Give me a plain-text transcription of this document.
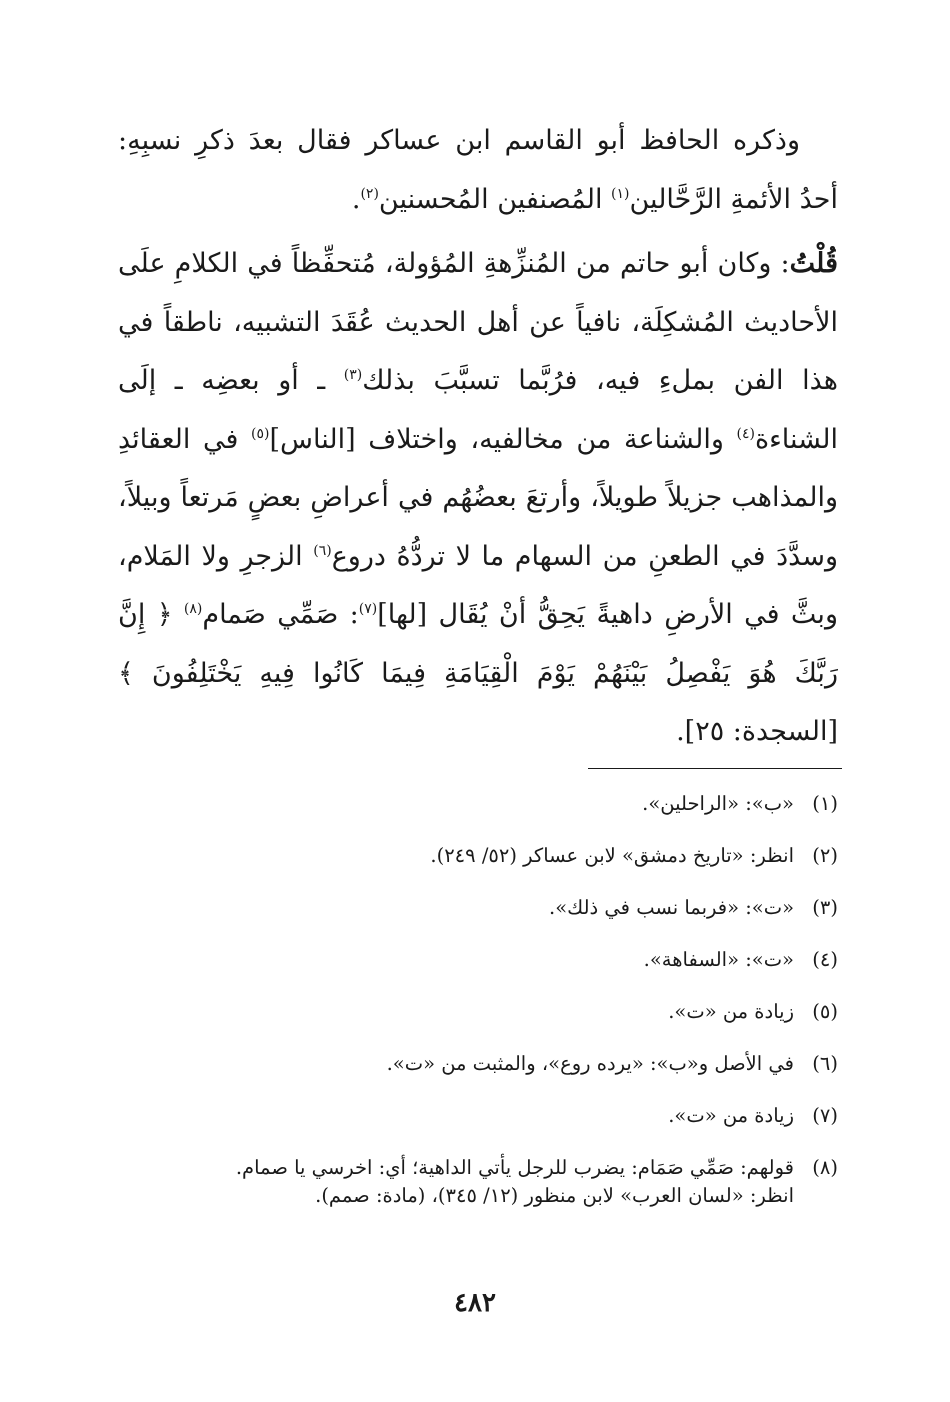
وذكره الحافظ أبو القاسم ابن عساكر فقال بعدَ ذكرِ نسبِهِ: أحدُ الأئمةِ الرَّحَّالين$^{(١)}$ المُصنفين المُحسنين$^{(٢)}$.

قُلْتُ: وكان أبو حاتم من المُنزِّهةِ المُؤولة، مُتحفِّظاً في الكلامِ علَى الأحاديث المُشكِلَة، نافياً عن أهل الحديث عُقَدَ التشبيه، ناطقاً في هذا الفن بملءِ فيه، فرُبَّما تسبَّبَ بذلك$^{(٣)}$ ـ أو بعضِه ـ إلَى الشناءة$^{(٤)}$ والشناعة من مخالفيه، واختلاف [الناس]$^{(٥)}$ في العقائدِ والمذاهب جزيلاً طويلاً، وأرتعَ بعضُهُم في أعراضِ بعضٍ مَرتعاً وبيلاً، وسدَّدَ في الطعنِ من السهام ما لا تردُّهُ دروع$^{(٦)}$ الزجرِ ولا المَلام، وبثَّ في الأرضِ داهيةً يَحِقُّ أنْ يُقَال [لها]$^{(٧)}$: صَمِّي صَمام$^{(٨)}$ ﴿ إِنَّ رَبَّكَ هُوَ يَفْصِلُ بَيْنَهُمْ يَوْمَ الْقِيَامَةِ فِيمَا كَانُوا فِيهِ يَخْتَلِفُونَ ﴾[السجدة: ٢٥].

(١)
«ب»: «الراحلين».
(٢)
انظر: «تاريخ دمشق» لابن عساكر (٥٢/ ٢٤٩).
(٣)
«ت»: «فربما نسب في ذلك».
(٤)
«ت»: «السفاهة».
(٥)
زيادة من «ت».
(٦)
في الأصل و«ب»: «يرده روع»، والمثبت من «ت».
(٧)
زيادة من «ت».
(٨)
قولهم: صَمِّي صَمَام: يضرب للرجل يأتي الداهية؛ أي: اخرسي يا صمام.
انظر: «لسان العرب» لابن منظور (١٢/ ٣٤٥)، (مادة: صمم).
٤٨٢
